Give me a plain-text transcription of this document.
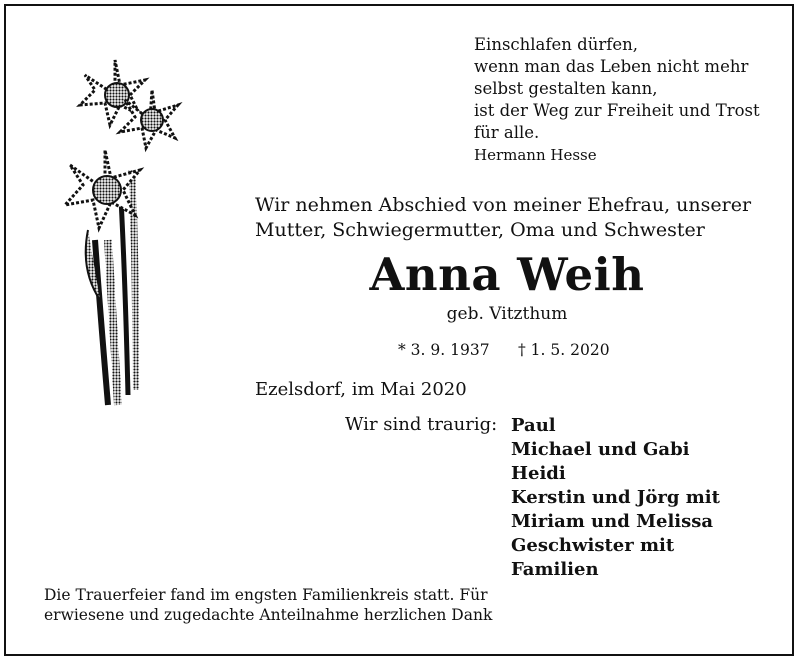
Einschlafen dürfen,
wenn man das Leben nicht mehr
selbst gestalten kann,
ist der Weg zur Freiheit und Trost
für alle.
Hermann Hesse
Wir nehmen Abschied von meiner Ehefrau, unserer
Mutter, Schwiegermutter, Oma und Schwester
Anna Weih
geb. Vitzthum
* 3. 9. 1937 † 1. 5. 2020
Ezelsdorf, im Mai 2020
Wir sind traurig: Paul
Michael und Gabi
Heidi
Kerstin und Jörg mit
Miriam und Melissa
Geschwister mit
Familien
Die Trauerfeier fand im engsten Familienkreis statt. Für
erwiesene und zugedachte Anteilnahme herzlichen Dank
